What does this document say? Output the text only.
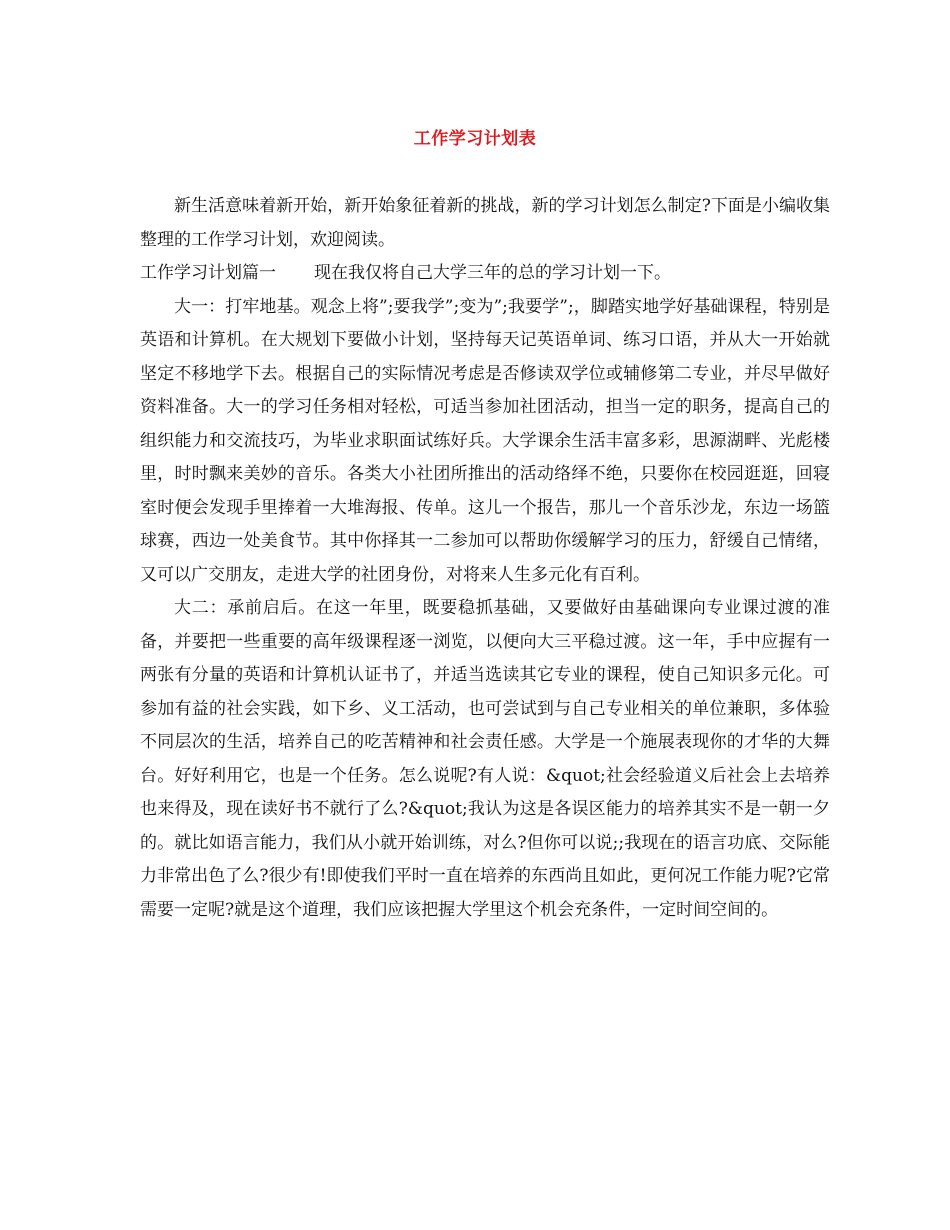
工作学习计划表

新生活意味着新开始，新开始象征着新的挑战，新的学习计划怎么制定?下面是小编收集整理的工作学习计划，欢迎阅读。

工作学习计划篇一 现在我仅将自己大学三年的总的学习计划一下。

大一：打牢地基。观念上将”;要我学”;变为”;我要学”;，脚踏实地学好基础课程，特别是英语和计算机。在大规划下要做小计划，坚持每天记英语单词、练习口语，并从大一开始就坚定不移地学下去。根据自己的实际情况考虑是否修读双学位或辅修第二专业，并尽早做好资料准备。大一的学习任务相对轻松，可适当参加社团活动，担当一定的职务，提高自己的组织能力和交流技巧，为毕业求职面试练好兵。大学课余生活丰富多彩，思源湖畔、光彪楼里，时时飘来美妙的音乐。各类大小社团所推出的活动络绎不绝，只要你在校园逛逛，回寝室时便会发现手里捧着一大堆海报、传单。这儿一个报告，那儿一个音乐沙龙，东边一场篮球赛，西边一处美食节。其中你择其一二参加可以帮助你缓解学习的压力，舒缓自己情绪，又可以广交朋友，走进大学的社团身份，对将来人生多元化有百利。

大二：承前启后。在这一年里，既要稳抓基础，又要做好由基础课向专业课过渡的准备，并要把一些重要的高年级课程逐一浏览，以便向大三平稳过渡。这一年，手中应握有一两张有分量的英语和计算机认证书了，并适当选读其它专业的课程，使自己知识多元化。可参加有益的社会实践，如下乡、义工活动，也可尝试到与自己专业相关的单位兼职，多体验不同层次的生活，培养自己的吃苦精神和社会责任感。大学是一个施展表现你的才华的大舞台。好好利用它，也是一个任务。怎么说呢?有人说：&quot;社会经验道义后社会上去培养也来得及，现在读好书不就行了么?&quot;我认为这是各误区能力的培养其实不是一朝一夕的。就比如语言能力，我们从小就开始训练，对么?但你可以说;;我现在的语言功底、交际能力非常出色了么?很少有!即使我们平时一直在培养的东西尚且如此，更何况工作能力呢?它常需要一定呢?就是这个道理，我们应该把握大学里这个机会充条件，一定时间空间的。
